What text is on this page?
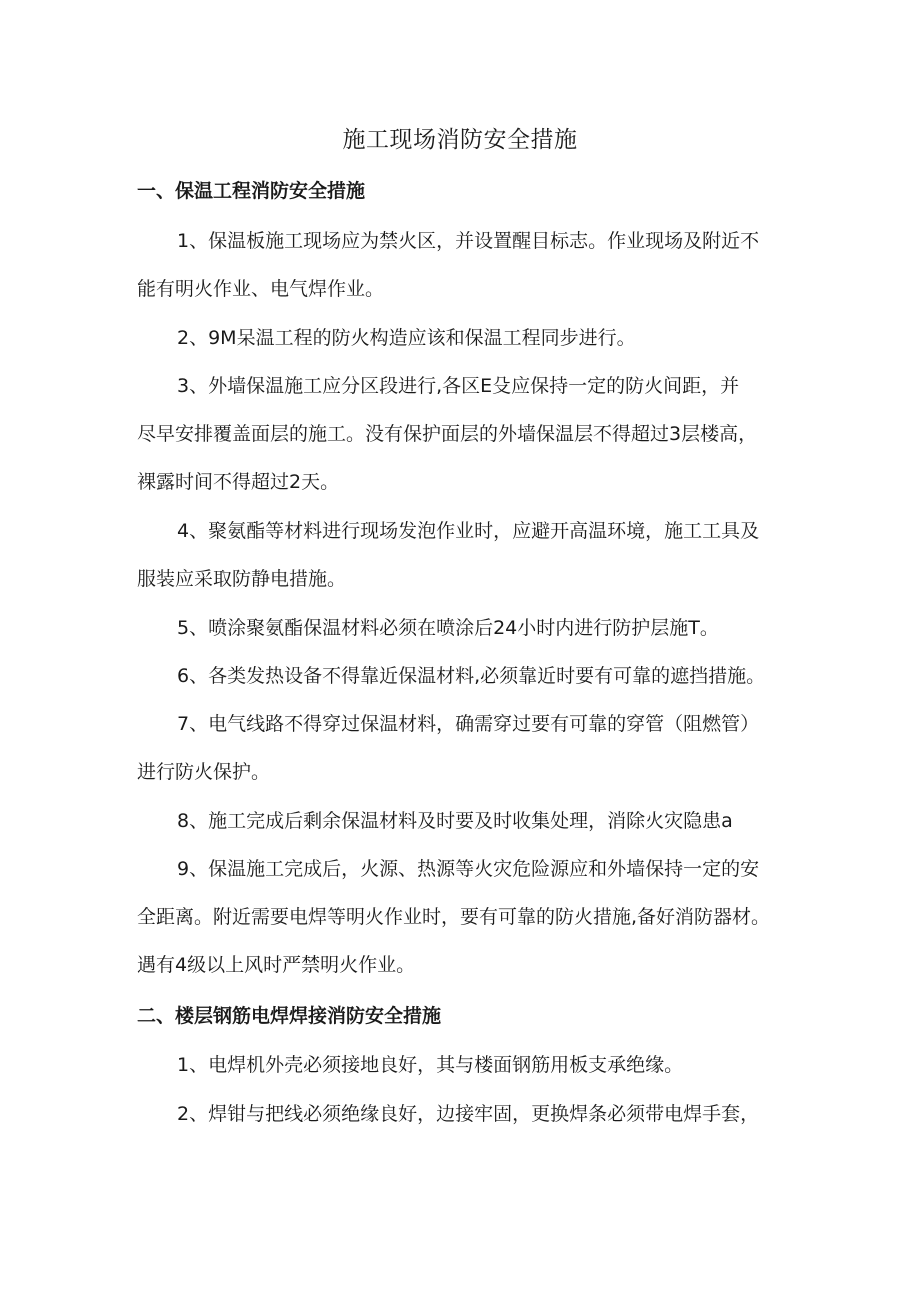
施工现场消防安全措施
一、保温工程消防安全措施
1、保温板施工现场应为禁火区，并设置醒目标志。作业现场及附近不
能有明火作业、电气焊作业。
2、9M呆温工程的防火构造应该和保温工程同步进行。
3、外墙保温施工应分区段进行,各区E殳应保持一定的防火间距，并
尽早安排覆盖面层的施工。没有保护面层的外墙保温层不得超过3层楼高，
裸露时间不得超过2天。
4、聚氨酯等材料进行现场发泡作业时，应避开高温环境，施工工具及
服装应采取防静电措施。
5、喷涂聚氨酯保温材料必须在喷涂后24小时内进行防护层施T。
6、各类发热设备不得靠近保温材料,必须靠近时要有可靠的遮挡措施。
7、电气线路不得穿过保温材料，确需穿过要有可靠的穿管（阻燃管）
进行防火保护。
8、施工完成后剩余保温材料及时要及时收集处理，消除火灾隐患a
9、保温施工完成后，火源、热源等火灾危险源应和外墙保持一定的安
全距离。附近需要电焊等明火作业时，要有可靠的防火措施,备好消防器材。
遇有4级以上风时严禁明火作业。
二、楼层钢筋电焊焊接消防安全措施
1、电焊机外壳必须接地良好，其与楼面钢筋用板支承绝缘。
2、焊钳与把线必须绝缘良好，边接牢固，更换焊条必须带电焊手套，
